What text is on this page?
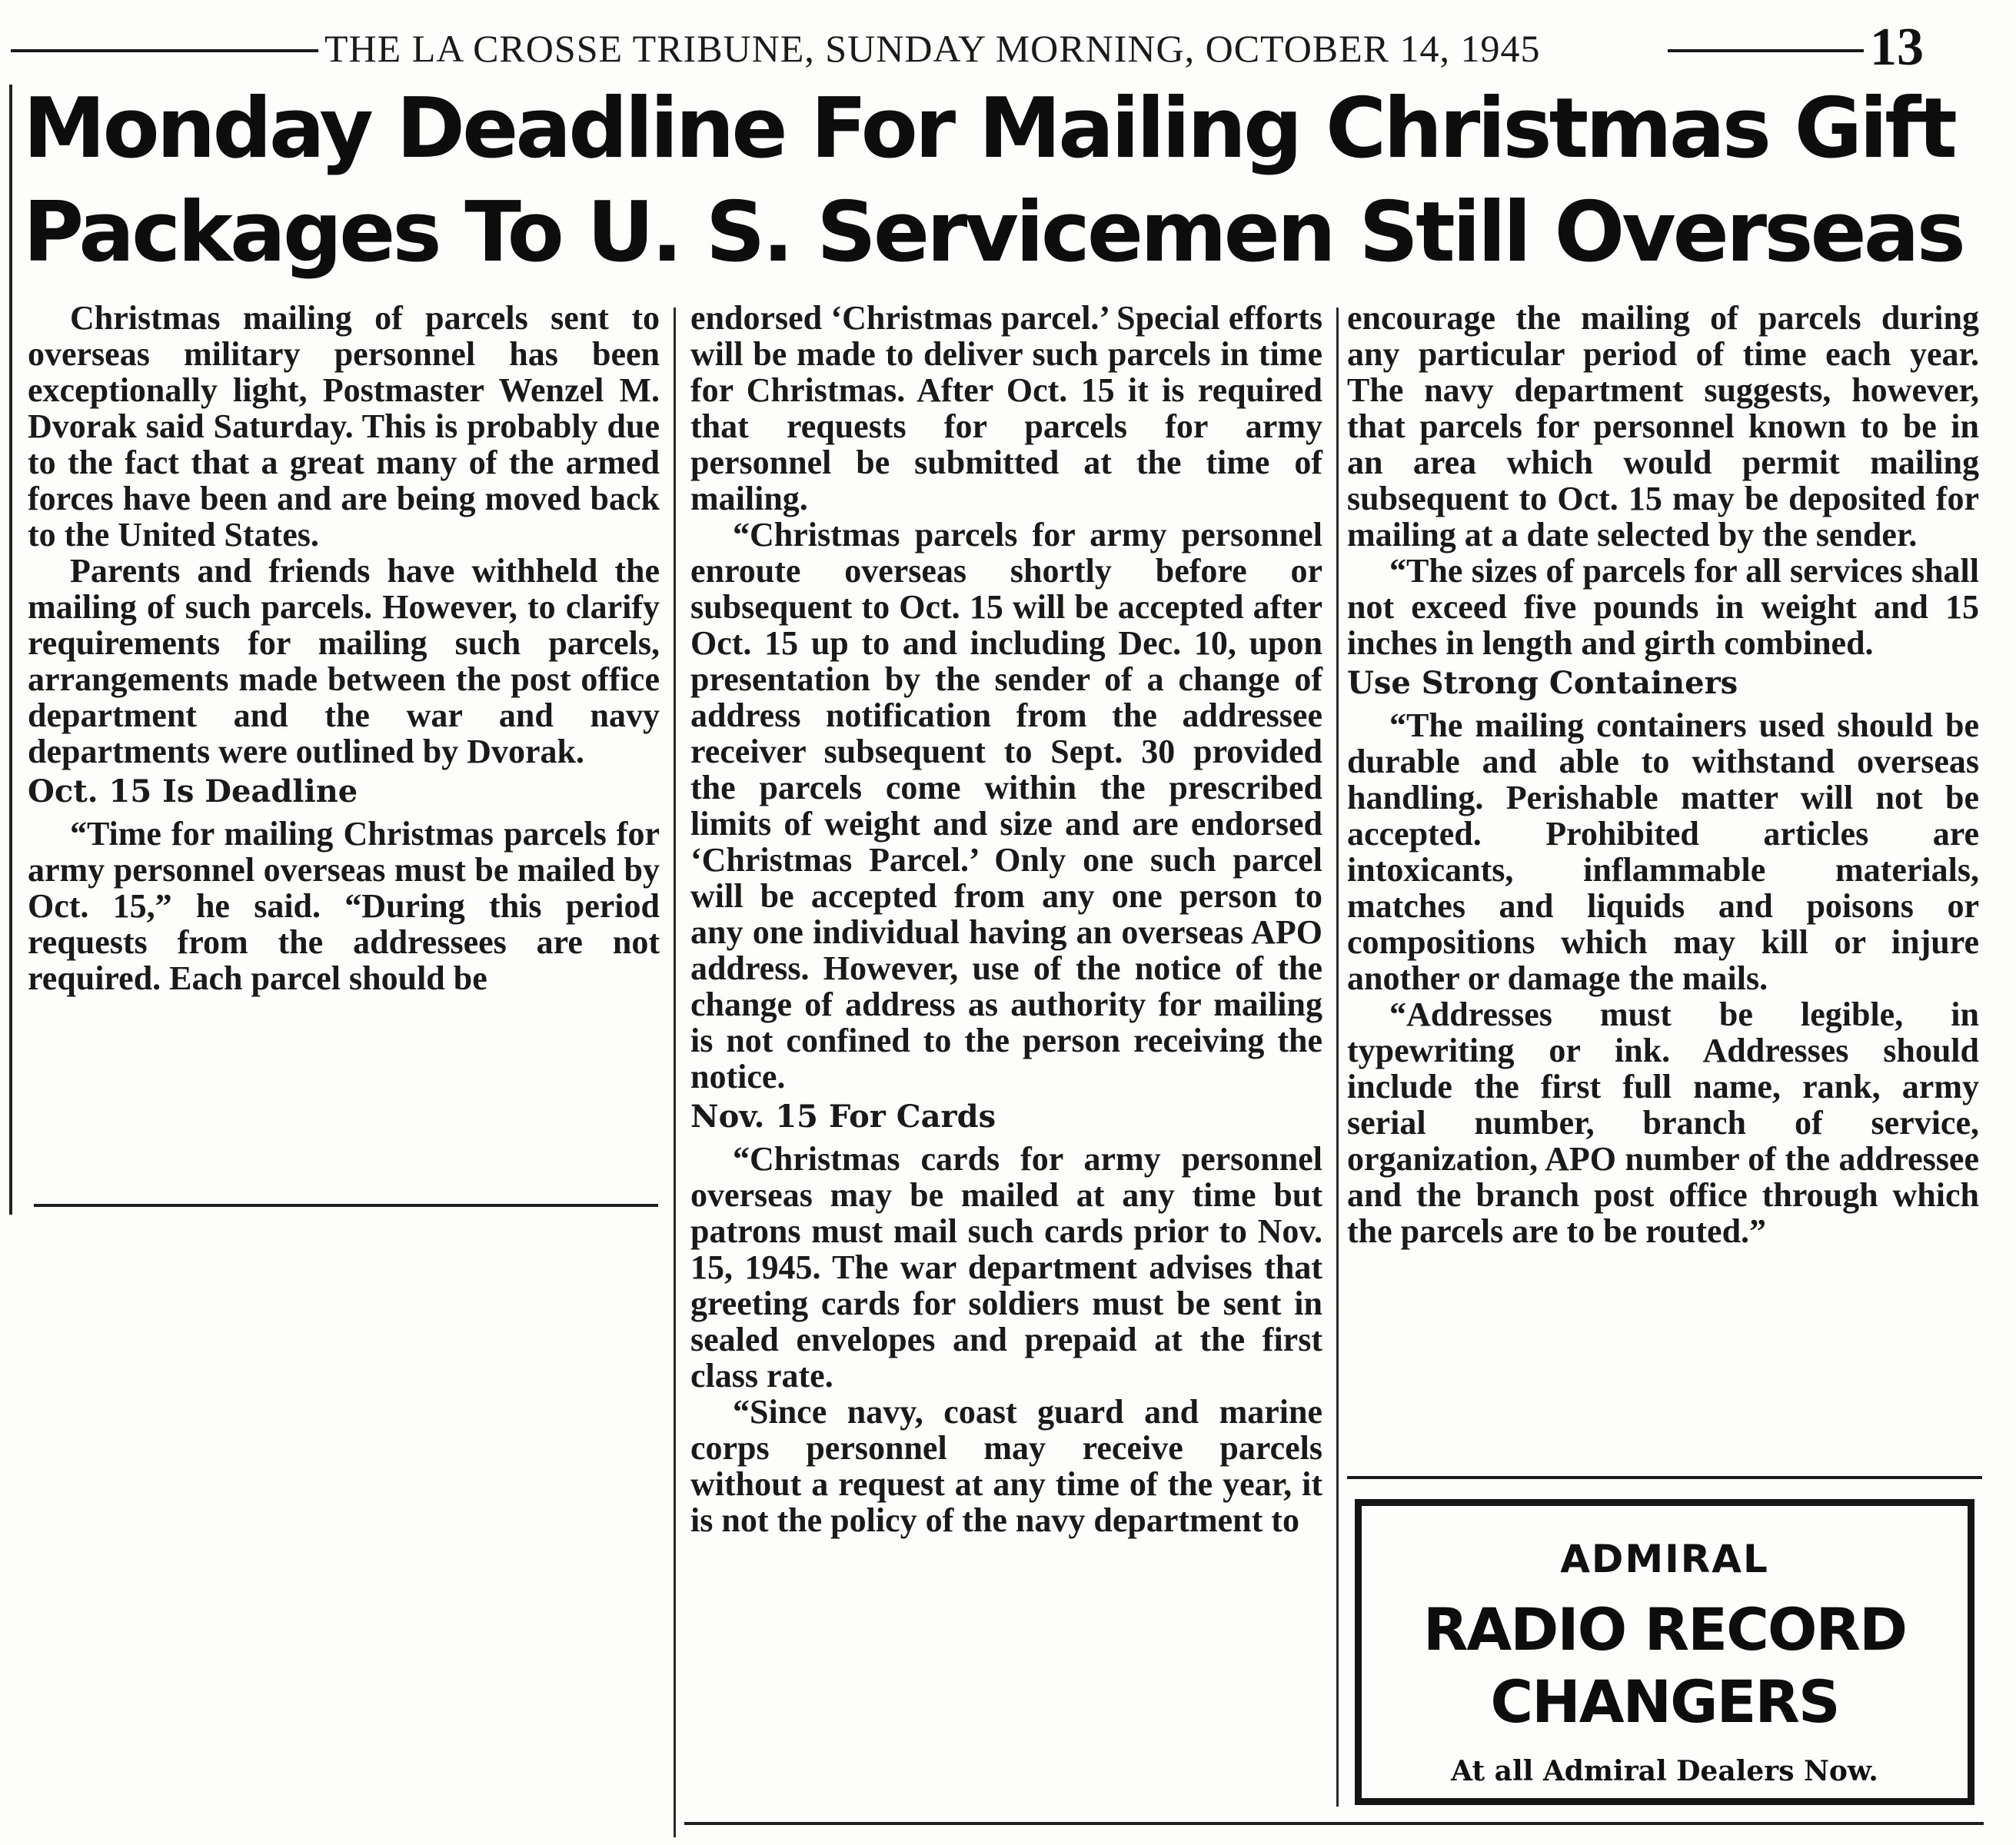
THE LA CROSSE TRIBUNE, SUNDAY MORNING, OCTOBER 14, 1945	13
Monday Deadline For Mailing Christmas Gift
Packages To U. S. Servicemen Still Overseas

Christmas mailing of parcels sent to overseas military personnel has been exceptionally light, Postmaster Wenzel M. Dvorak said Saturday. This is probably due to the fact that a great many of the armed forces have been and are being moved back to the United States.

Parents and friends have withheld the mailing of such parcels. However, to clarify requirements for mailing such parcels, arrangements made between the post office department and the war and navy departments were outlined by Dvorak.

Oct. 15 Is Deadline

“Time for mailing Christmas parcels for army personnel overseas must be mailed by Oct. 15,” he said. “During this period requests from the addressees are not required. Each parcel should be

endorsed ‘Christmas parcel.’ Special efforts will be made to deliver such parcels in time for Christmas. After Oct. 15 it is required that requests for parcels for army personnel be submitted at the time of mailing.

“Christmas parcels for army personnel enroute overseas shortly before or subsequent to Oct. 15 will be accepted after Oct. 15 up to and including Dec. 10, upon presentation by the sender of a change of address notification from the addressee receiver subsequent to Sept. 30 provided the parcels come within the prescribed limits of weight and size and are endorsed ‘Christmas Parcel.’ Only one such parcel will be accepted from any one person to any one individual having an overseas APO address. However, use of the notice of the change of address as authority for mailing is not confined to the person receiving the notice.

Nov. 15 For Cards

“Christmas cards for army personnel overseas may be mailed at any time but patrons must mail such cards prior to Nov. 15, 1945. The war department advises that greeting cards for soldiers must be sent in sealed envelopes and prepaid at the first class rate.

“Since navy, coast guard and marine corps personnel may receive parcels without a request at any time of the year, it is not the policy of the navy department to

encourage the mailing of parcels during any particular period of time each year. The navy department suggests, however, that parcels for personnel known to be in an area which would permit mailing subsequent to Oct. 15 may be deposited for mailing at a date selected by the sender.

“The sizes of parcels for all services shall not exceed five pounds in weight and 15 inches in length and girth combined.

Use Strong Containers

“The mailing containers used should be durable and able to withstand overseas handling. Perishable matter will not be accepted. Prohibited articles are intoxicants, inflammable materials, matches and liquids and poisons or compositions which may kill or injure another or damage the mails.

“Addresses must be legible, in typewriting or ink. Addresses should include the first full name, rank, army serial number, branch of service, organization, APO number of the addressee and the branch post office through which the parcels are to be routed.”

ADMIRAL
RADIO RECORD
CHANGERS
At all Admiral Dealers Now.
